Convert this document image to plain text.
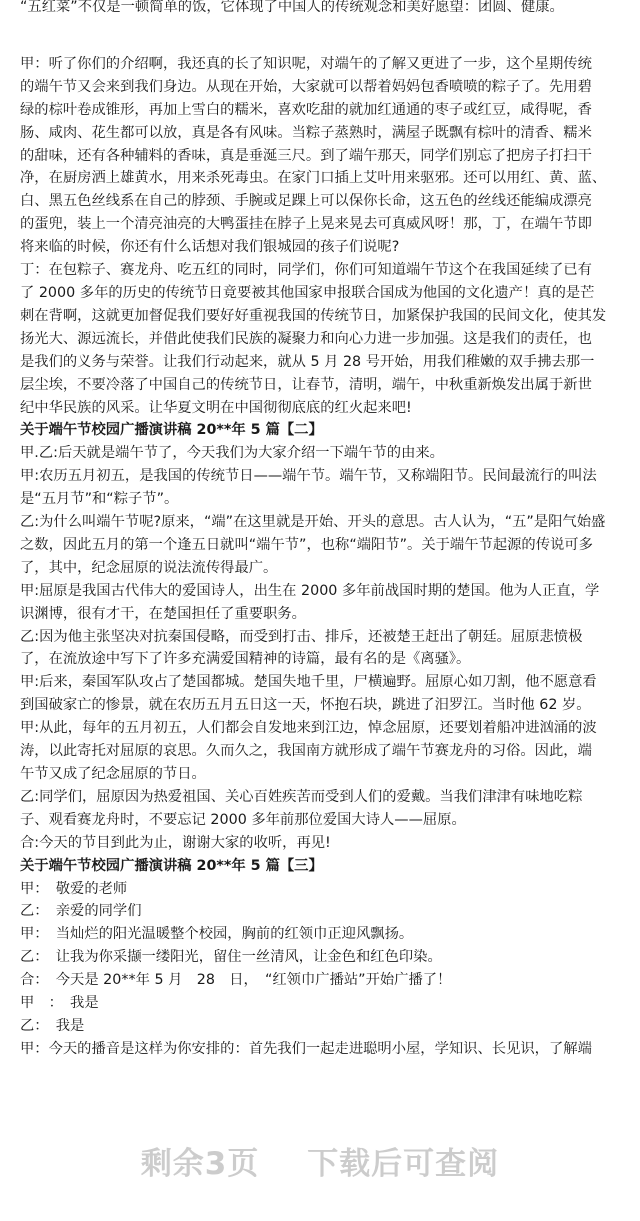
“五红菜”不仅是一顿简单的饭，它体现了中国人的传统观念和美好愿望：团圆、健康。
甲：听了你们的介绍啊，我还真的长了知识呢，对端午的了解又更进了一步，这个星期传统
的端午节又会来到我们身边。从现在开始，大家就可以帮着妈妈包香喷喷的粽子了。先用碧
绿的棕叶卷成锥形，再加上雪白的糯米，喜欢吃甜的就加红通通的枣子或红豆，咸得呢，香
肠、咸肉、花生都可以放，真是各有风味。当粽子蒸熟时，满屋子既飘有棕叶的清香、糯米
的甜味，还有各种辅料的香味，真是垂涎三尺。到了端午那天，同学们别忘了把房子打扫干
净，在厨房洒上雄黄水，用来杀死毒虫。在家门口插上艾叶用来驱邪。还可以用红、黄、蓝、
白、黑五色丝线系在自己的脖颈、手腕或足踝上可以保你长命，这五色的丝线还能编成漂亮
的蛋兜，装上一个清亮油亮的大鸭蛋挂在脖子上晃来晃去可真威风呀！那，丁，在端午节即
将来临的时候，你还有什么话想对我们银城园的孩子们说呢?
丁：在包粽子、赛龙舟、吃五红的同时，同学们，你们可知道端午节这个在我国延续了已有
了 2000 多年的历史的传统节日竟要被其他国家申报联合国成为他国的文化遗产！真的是芒
刺在背啊，这就更加督促我们要好好重视我国的传统节日，加紧保护我国的民间文化，使其发
扬光大、源远流长，并借此使我们民族的凝聚力和向心力进一步加强。这是我们的责任，也
是我们的义务与荣誉。让我们行动起来，就从 5 月 28 号开始，用我们稚嫩的双手拂去那一
层尘埃，不要冷落了中国自己的传统节日，让春节，清明，端午，中秋重新焕发出属于新世
纪中华民族的风采。让华夏文明在中国彻彻底底的红火起来吧!
关于端午节校园广播演讲稿 20**年 5 篇【二】
甲.乙:后天就是端午节了，今天我们为大家介绍一下端午节的由来。
甲:农历五月初五，是我国的传统节日——端午节。端午节，又称端阳节。民间最流行的叫法
是“五月节”和“粽子节”。
乙:为什么叫端午节呢?原来，“端”在这里就是开始、开头的意思。古人认为，“五”是阳气始盛
之数，因此五月的第一个逢五日就叫“端午节”，也称“端阳节”。关于端午节起源的传说可多
了，其中，纪念屈原的说法流传得最广。
甲:屈原是我国古代伟大的爱国诗人，出生在 2000 多年前战国时期的楚国。他为人正直，学
识渊博，很有才干，在楚国担任了重要职务。
乙:因为他主张坚决对抗秦国侵略，而受到打击、排斥，还被楚王赶出了朝廷。屈原悲愤极
了，在流放途中写下了许多充满爱国精神的诗篇，最有名的是《离骚》。
甲:后来，秦国军队攻占了楚国都城。楚国失地千里，尸横遍野。屈原心如刀割，他不愿意看
到国破家亡的惨景，就在农历五月五日这一天，怀抱石块，跳进了汨罗江。当时他 62 岁。
甲:从此，每年的五月初五，人们都会自发地来到江边，悼念屈原，还要划着船冲进汹涌的波
涛，以此寄托对屈原的哀思。久而久之，我国南方就形成了端午节赛龙舟的习俗。因此，端
午节又成了纪念屈原的节日。
乙:同学们，屈原因为热爱祖国、关心百姓疾苦而受到人们的爱戴。当我们津津有味地吃粽
子、观看赛龙舟时，不要忘记 2000 多年前那位爱国大诗人——屈原。
合:今天的节目到此为止，谢谢大家的收听，再见!
关于端午节校园广播演讲稿 20**年 5 篇【三】
甲：　敬爱的老师
乙：　亲爱的同学们
甲：　当灿烂的阳光温暖整个校园，胸前的红领巾正迎风飘扬。
乙：　让我为你采撷一缕阳光，留住一丝清风，让金色和红色印染。
合：　今天是 20**年 5 月　28　日，　“红领巾广播站”开始广播了！
甲　：　我是
乙：　我是
甲：今天的播音是这样为你安排的：首先我们一起走进聪明小屋，学知识、长见识，了解端
剩余3页 下载后可查阅
